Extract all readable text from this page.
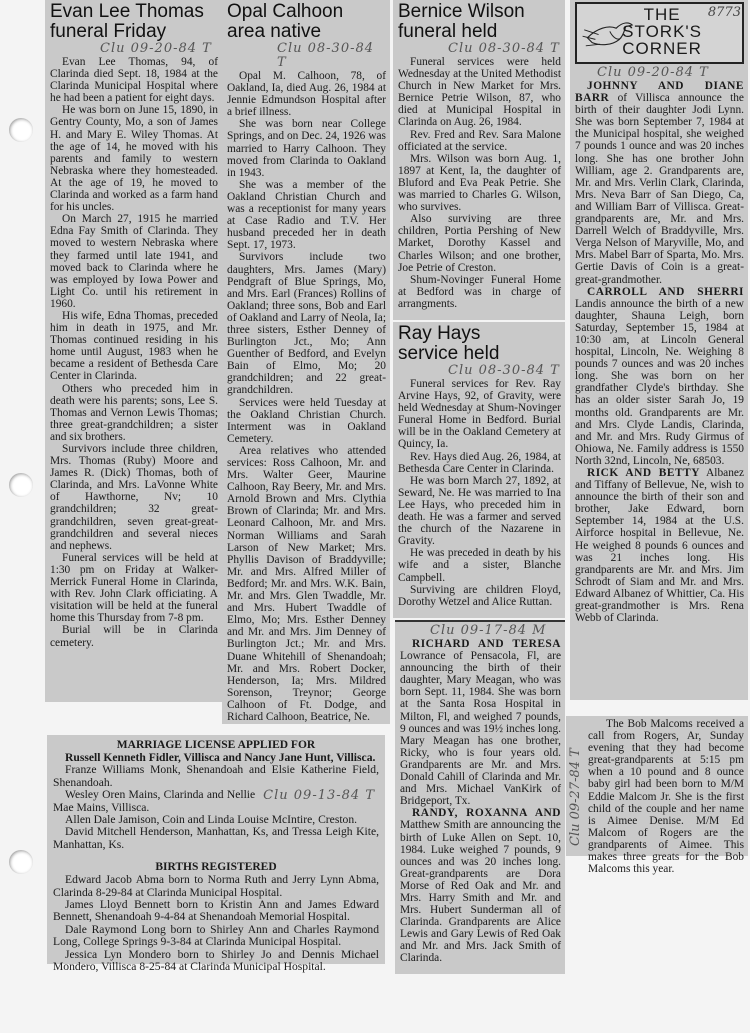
Evan Lee Thomas
funeral Friday
Clu 09-20-84 T

Evan Lee Thomas, 94, of Clarinda died Sept. 18, 1984 at the Clarinda Municipal Hospital where he had been a patient for eight days.

He was born on June 15, 1890, in Gentry County, Mo, a son of James H. and Mary E. Wiley Thomas. At the age of 14, he moved with his parents and family to western Nebraska where they homesteaded. At the age of 19, he moved to Clarinda and worked as a farm hand for his uncles.

On March 27, 1915 he married Edna Fay Smith of Clarinda. They moved to western Nebraska where they farmed until late 1941, and moved back to Clarinda where he was employed by Iowa Power and Light Co. until his retirement in 1960.

His wife, Edna Thomas, preceded him in death in 1975, and Mr. Thomas continued residing in his home until August, 1983 when he became a resident of Bethesda Care Center in Clarinda.

Others who preceded him in death were his parents; sons, Lee S. Thomas and Vernon Lewis Thomas; three great-grandchildren; a sister and six brothers.

Survivors include three children, Mrs. Thomas (Ruby) Moore and James R. (Dick) Thomas, both of Clarinda, and Mrs. LaVonne White of Hawthorne, Nv; 10 grandchildren; 32 great-grandchildren, seven great-great-grandchildren and several nieces and nephews.

Funeral services will be held at 1:30 pm on Friday at Walker-Merrick Funeral Home in Clarinda, with Rev. John Clark officiating. A visitation will be held at the funeral home this Thursday from 7-8 pm.

Burial will be in Clarinda cemetery.

Opal Calhoon
area native
Clu 08-30-84 T

Opal M. Calhoon, 78, of Oakland, Ia, died Aug. 26, 1984 at Jennie Edmundson Hospital after a brief illness.

She was born near College Springs, and on Dec. 24, 1926 was married to Harry Calhoon. They moved from Clarinda to Oakland in 1943.

She was a member of the Oakland Christian Church and was a receptionist for many years at Case Radio and T.V. Her husband preceded her in death Sept. 17, 1973.

Survivors include two daughters, Mrs. James (Mary) Pendgraft of Blue Springs, Mo, and Mrs. Earl (Frances) Rollins of Oakland; three sons, Bob and Earl of Oakland and Larry of Neola, Ia; three sisters, Esther Denney of Burlington Jct., Mo; Ann Guenther of Bedford, and Evelyn Bain of Elmo, Mo; 20 grandchildren; and 22 great-grandchildren.

Services were held Tuesday at the Oakland Christian Church. Interment was in Oakland Cemetery.

Area relatives who attended services: Ross Calhoon, Mr. and Mrs. Walter Geer, Maurine Calhoon, Ray Beery, Mr. and Mrs. Arnold Brown and Mrs. Clythia Brown of Clarinda; Mr. and Mrs. Leonard Calhoon, Mr. and Mrs. Norman Williams and Sarah Larson of New Market; Mrs. Phyllis Davison of Braddyville; Mr. and Mrs. Alfred Miller of Bedford; Mr. and Mrs. W.K. Bain, Mr. and Mrs. Glen Twaddle, Mr. and Mrs. Hubert Twaddle of Elmo, Mo; Mrs. Esther Denney and Mr. and Mrs. Jim Denney of Burlington Jct.; Mr. and Mrs. Duane Whitehill of Shenandoah; Mr. and Mrs. Robert Docker, Henderson, Ia; Mrs. Mildred Sorenson, Treynor; George Calhoon of Ft. Dodge, and Richard Calhoon, Beatrice, Ne.

Bernice Wilson
funeral held
Clu 08-30-84 T

Funeral services were held Wednesday at the United Methodist Church in New Market for Mrs. Bernice Petrie Wilson, 87, who died at Municipal Hospital in Clarinda on Aug. 26, 1984.

Rev. Fred and Rev. Sara Malone officiated at the service.

Mrs. Wilson was born Aug. 1, 1897 at Kent, Ia, the daughter of Bluford and Eva Peak Petrie. She was married to Charles G. Wilson, who survives.

Also surviving are three children, Portia Pershing of New Market, Dorothy Kassel and Charles Wilson; and one brother, Joe Petrie of Creston.

Shum-Novinger Funeral Home at Bedford was in charge of arrangments.

Ray Hays
service held
Clu 08-30-84 T

Funeral services for Rev. Ray Arvine Hays, 92, of Gravity, were held Wednesday at Shum-Novinger Funeral Home in Bedford. Burial will be in the Oakland Cemetery at Quincy, Ia.

Rev. Hays died Aug. 26, 1984, at Bethesda Care Center in Clarinda.

He was born March 27, 1892, at Seward, Ne. He was married to Ina Lee Hays, who preceded him in death. He was a farmer and served the church of the Nazarene in Gravity.

He was preceded in death by his wife and a sister, Blanche Campbell.

Surviving are children Floyd, Dorothy Wetzel and Alice Ruttan.

Clu 09-17-84 M

RICHARD AND TERESA Lowrance of Pensacola, Fl, are announcing the birth of their daughter, Mary Meagan, who was born Sept. 11, 1984. She was born at the Santa Rosa Hospital in Milton, Fl, and weighed 7 pounds, 9 ounces and was 19½ inches long. Mary Meagan has one brother, Ricky, who is four years old. Grandparents are Mr. and Mrs. Donald Cahill of Clarinda and Mr. and Mrs. Michael VanKirk of Bridgeport, Tx.

RANDY, ROXANNA AND Matthew Smith are announcing the birth of Luke Allen on Sept. 10, 1984. Luke weighed 7 pounds, 9 ounces and was 20 inches long. Great-grandparents are Dora Morse of Red Oak and Mr. and Mrs. Harry Smith and Mr. and Mrs. Hubert Sunderman all of Clarinda. Grandparents are Alice Lewis and Gary Lewis of Red Oak and Mr. and Mrs. Jack Smith of Clarinda.

THE
STORK'S
CORNER
8773
Clu 09-20-84 T

JOHNNY AND DIANE BARR of Villisca announce the birth of their daughter Jodi Lynn. She was born September 7, 1984 at the Municipal hospital, she weighed 7 pounds 1 ounce and was 20 inches long. She has one brother John William, age 2. Grandparents are, Mr. and Mrs. Verlin Clark, Clarinda, Mrs. Neva Barr of San Diego, Ca, and William Barr of Villisca. Great-grandparents are, Mr. and Mrs. Darrell Welch of Braddyville, Mrs. Verga Nelson of Maryville, Mo, and Mrs. Mabel Barr of Sparta, Mo. Mrs. Gertie Davis of Coin is a great-great-grandmother.

CARROLL AND SHERRI Landis announce the birth of a new daughter, Shauna Leigh, born Saturday, September 15, 1984 at 10:30 am, at Lincoln General hospital, Lincoln, Ne. Weighing 8 pounds 7 ounces and was 20 inches long. She was born on her grandfather Clyde's birthday. She has an older sister Sarah Jo, 19 months old. Grandparents are Mr. and Mrs. Clyde Landis, Clarinda, and Mr. and Mrs. Rudy Girmus of Ohiowa, Ne. Family address is 1550 North 32nd, Lincoln, Ne, 68503.

RICK AND BETTY Albanez and Tiffany of Bellevue, Ne, wish to announce the birth of their son and brother, Jake Edward, born September 14, 1984 at the U.S. Airforce hospital in Bellevue, Ne. He weighed 8 pounds 6 ounces and was 21 inches long. His grandparents are Mr. and Mrs. Jim Schrodt of Siam and Mr. and Mrs. Edward Albanez of Whittier, Ca. His great-grandmother is Mrs. Rena Webb of Clarinda.

Clu 09-27-84 T

The Bob Malcoms received a call from Rogers, Ar, Sunday evening that they had become great-grandparents at 5:15 pm when a 10 pound and 8 ounce baby girl had been born to M/M Eddie Malcom Jr. She is the first child of the couple and her name is Aimee Denise. M/M Ed Malcom of Rogers are the grandparents of Aimee. This makes three greats for the Bob Malcoms this year.

MARRIAGE LICENSE APPLIED FOR

Russell Kenneth Fidler, Villisca and Nancy Jane Hunt, Villisca.

Franze Williams Monk, Shenandoah and Elsie Katherine Field, Shenandoah.

Clu 09-13-84 T

Wesley Oren Mains, Clarinda and Nellie Mae Mains, Villisca.

Allen Dale Jamison, Coin and Linda Louise McIntire, Creston.

David Mitchell Henderson, Manhattan, Ks, and Tressa Leigh Kite, Manhattan, Ks.

BIRTHS REGISTERED

Edward Jacob Abma born to Norma Ruth and Jerry Lynn Abma, Clarinda 8-29-84 at Clarinda Municipal Hospital.

James Lloyd Bennett born to Kristin Ann and James Edward Bennett, Shenandoah 9-4-84 at Shenandoah Memorial Hospital.

Dale Raymond Long born to Shirley Ann and Charles Raymond Long, College Springs 9-3-84 at Clarinda Municipal Hospital.

Jessica Lyn Mondero born to Shirley Jo and Dennis Michael Mondero, Villisca 8-25-84 at Clarinda Municipal Hospital.
